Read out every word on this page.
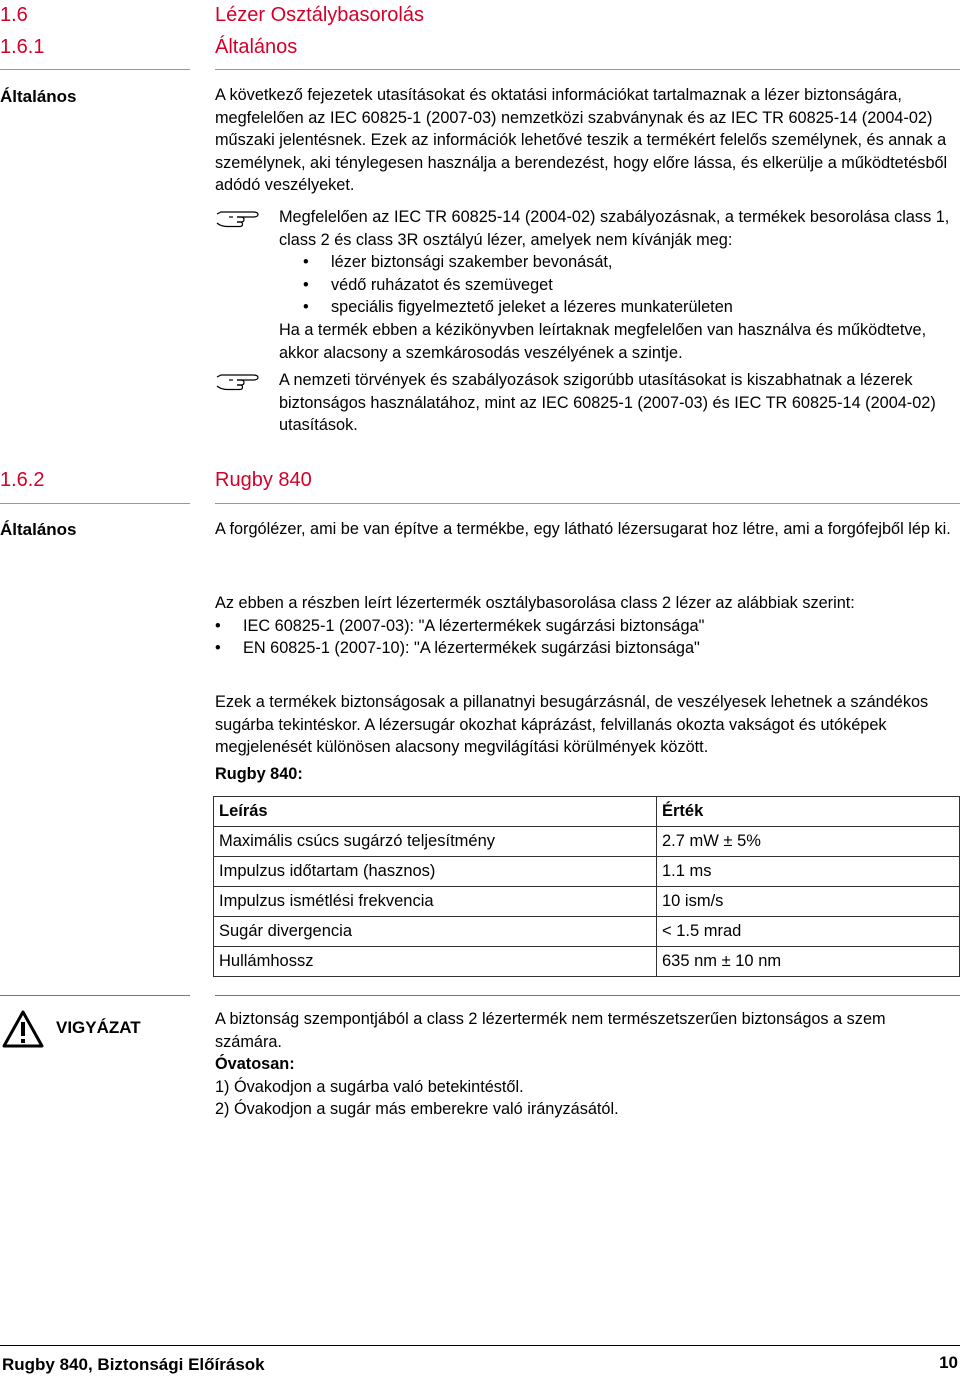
1.6	Lézer Osztálybasorolás
1.6.1	Általános
Általános	A következő fejezetek utasításokat és oktatási információkat tartalmaznak a lézer biztonságára, megfelelően az IEC 60825-1 (2007-03) nemzetközi szabványnak és az IEC TR 60825-14 (2004-02) műszaki jelentésnek. Ezek az információk lehetővé teszik a termékért felelős személynek, és annak a személynek, aki ténylegesen használja a berendezést, hogy előre lássa, és elkerülje a működtetésből adódó veszélyeket.
Megfelelően az IEC TR 60825-14 (2004-02) szabályozásnak, a termékek besorolása class 1, class 2 és class 3R osztályú lézer, amelyek nem kívánják meg:
• lézer biztonsági szakember bevonását,
• védő ruházatot és szemüveget
• speciális figyelmeztető jeleket a lézeres munkaterületen
Ha a termék ebben a kézikönyvben leírtaknak megfelelően van használva és működtetve, akkor alacsony a szemkárosodás veszélyének a szintje.
A nemzeti törvények és szabályozások szigorúbb utasításokat is kiszabhatnak a lézerek biztonságos használatához, mint az IEC 60825-1 (2007-03) és IEC TR 60825-14 (2004-02) utasítások.
1.6.2	Rugby 840
Általános	A forgólézer, ami be van építve a termékbe, egy látható lézersugarat hoz létre, ami a forgófejből lép ki.
Az ebben a részben leírt lézertermék osztálybasorolása class 2 lézer az alábbiak szerint:
• IEC 60825-1 (2007-03): "A lézertermékek sugárzási biztonsága"
• EN 60825-1 (2007-10): "A lézertermékek sugárzási biztonsága"
Ezek a termékek biztonságosak a pillanatnyi besugárzásnál, de veszélyesek lehetnek a szándékos sugárba tekintéskor. A lézersugár okozhat káprázást, felvillanás okozta vakságot és utóképek megjelenését különösen alacsony megvilágítási körülmények között.
Rugby 840:
Leírás	Érték
Maximális csúcs sugárzó teljesítmény	2.7 mW ± 5%
Impulzus időtartam (hasznos)	1.1 ms
Impulzus ismétlési frekvencia	10 ism/s
Sugár divergencia	< 1.5 mrad
Hullámhossz	635 nm ± 10 nm
VIGYÁZAT	A biztonság szempontjából a class 2 lézertermék nem természetszerűen biztonságos a szem számára.
Óvatosan:
1) Óvakodjon a sugárba való betekintéstől.
2) Óvakodjon a sugár más emberekre való irányzásától.
Rugby 840, Biztonsági Előírások	10
